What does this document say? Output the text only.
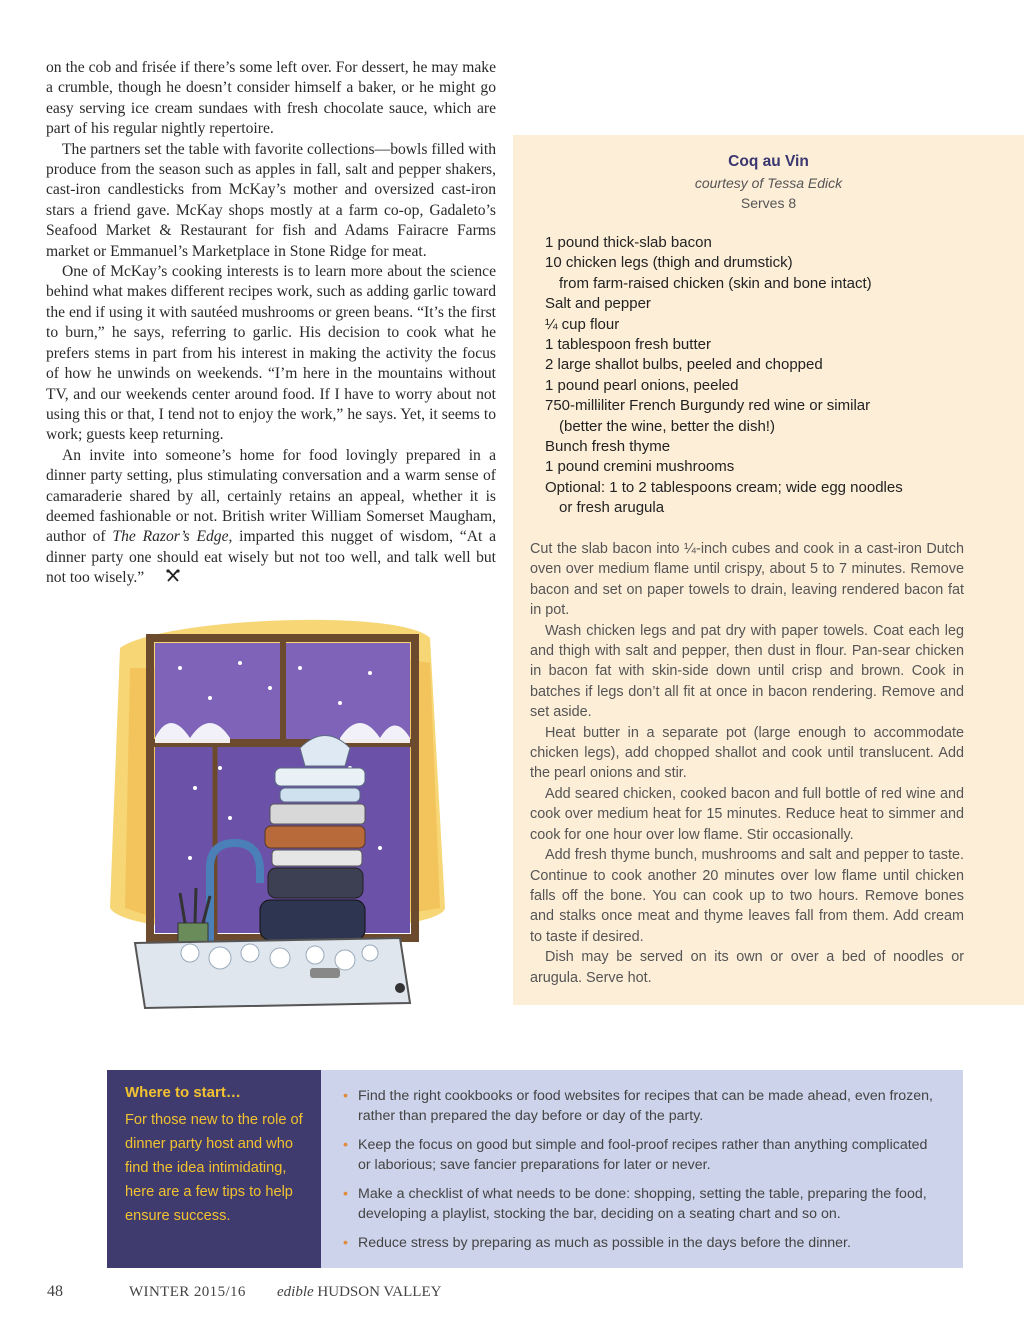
on the cob and frisée if there’s some left over. For dessert, he may make a crumble, though he doesn’t consider himself a baker, or he might go easy serving ice cream sundaes with fresh chocolate sauce, which are part of his regular nightly repertoire.

The partners set the table with favorite collections—bowls filled with produce from the season such as apples in fall, salt and pepper shakers, cast-iron candlesticks from McKay’s mother and oversized cast-iron stars a friend gave. McKay shops mostly at a farm co-op, Gadaleto’s Seafood Market & Restaurant for fish and Adams Fairacre Farms market or Emmanuel’s Marketplace in Stone Ridge for meat.

One of McKay’s cooking interests is to learn more about the science behind what makes different recipes work, such as adding garlic toward the end if using it with sautéed mushrooms or green beans. “It’s the first to burn,” he says, referring to garlic. His decision to cook what he prefers stems in part from his interest in making the activity the focus of how he unwinds on weekends. “I’m here in the mountains without TV, and our weekends center around food. If I have to worry about not using this or that, I tend not to enjoy the work,” he says. Yet, it seems to work; guests keep returning.

An invite into someone’s home for food lovingly prepared in a dinner party setting, plus stimulating conversation and a warm sense of camaraderie shared by all, certainly retains an appeal, whether it is deemed fashionable or not. British writer William Somerset Maugham, author of The Razor’s Edge, imparted this nugget of wisdom, “At a dinner party one should eat wisely but not too well, and talk well but not too wisely.”

Coq au Vin
courtesy of Tessa Edick
Serves 8
1 pound thick-slab bacon
10 chicken legs (thigh and drumstick)
from farm-raised chicken (skin and bone intact)
Salt and pepper
¼ cup flour
1 tablespoon fresh butter
2 large shallot bulbs, peeled and chopped
1 pound pearl onions, peeled
750-milliliter French Burgundy red wine or similar
(better the wine, better the dish!)
Bunch fresh thyme
1 pound cremini mushrooms
Optional: 1 to 2 tablespoons cream; wide egg noodles
or fresh arugula

Cut the slab bacon into ¼-inch cubes and cook in a cast-iron Dutch oven over medium flame until crispy, about 5 to 7 minutes. Remove bacon and set on paper towels to drain, leaving rendered bacon fat in pot.

Wash chicken legs and pat dry with paper towels. Coat each leg and thigh with salt and pepper, then dust in flour. Pan-sear chicken in bacon fat with skin-side down until crisp and brown. Cook in batches if legs don’t all fit at once in bacon rendering. Remove and set aside.

Heat butter in a separate pot (large enough to accommodate chicken legs), add chopped shallot and cook until translucent. Add the pearl onions and stir.

Add seared chicken, cooked bacon and full bottle of red wine and cook over medium heat for 15 minutes. Reduce heat to simmer and cook for one hour over low flame. Stir occasionally.

Add fresh thyme bunch, mushrooms and salt and pepper to taste. Continue to cook another 20 minutes over low flame until chicken falls off the bone. You can cook up to two hours. Remove bones and stalks once meat and thyme leaves fall from them. Add cream to taste if desired.

Dish may be served on its own or over a bed of noodles or arugula. Serve hot.

Where to start…
For those new to the role of dinner party host and who find the idea intimidating, here are a few tips to help ensure success.
• Find the right cookbooks or food websites for recipes that can be made ahead, even frozen, rather than prepared the day before or day of the party.
• Keep the focus on good but simple and fool-proof recipes rather than anything complicated or laborious; save fancier preparations for later or never.
• Make a checklist of what needs to be done: shopping, setting the table, preparing the food, developing a playlist, stocking the bar, deciding on a seating chart and so on.
• Reduce stress by preparing as much as possible in the days before the dinner.
48	WINTER 2015/16 edible HUDSON VALLEY
